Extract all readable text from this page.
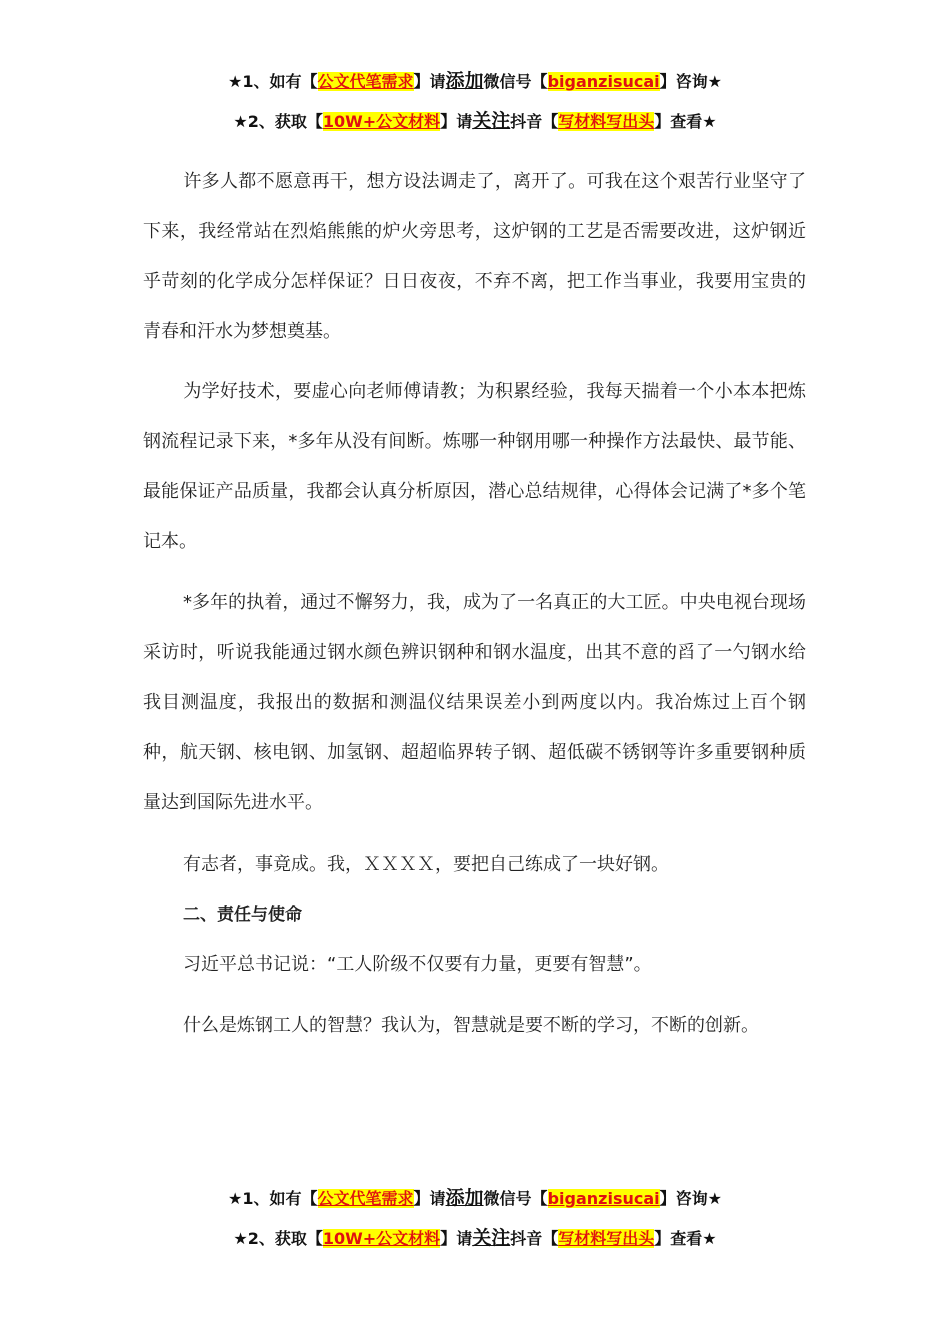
★1、如有【公文代笔需求】请添加微信号【biganzisucai】咨询★
★2、获取【10W+公文材料】请关注抖音【写材料写出头】查看★
许多人都不愿意再干，想方设法调走了，离开了。可我在这个艰苦行业坚守了下来，我经常站在烈焰熊熊的炉火旁思考，这炉钢的工艺是否需要改进，这炉钢近乎苛刻的化学成分怎样保证？日日夜夜，不弃不离，把工作当事业，我要用宝贵的青春和汗水为梦想奠基。
为学好技术，要虚心向老师傅请教；为积累经验，我每天揣着一个小本本把炼钢流程记录下来，*多年从没有间断。炼哪一种钢用哪一种操作方法最快、最节能、最能保证产品质量，我都会认真分析原因，潜心总结规律，心得体会记满了*多个笔记本。
*多年的执着，通过不懈努力，我，成为了一名真正的大工匠。中央电视台现场采访时，听说我能通过钢水颜色辨识钢种和钢水温度，出其不意的舀了一勺钢水给我目测温度，我报出的数据和测温仪结果误差小到两度以内。我冶炼过上百个钢种，航天钢、核电钢、加氢钢、超超临界转子钢、超低碳不锈钢等许多重要钢种质量达到国际先进水平。
有志者，事竟成。我，ＸＸＸＸ，要把自己练成了一块好钢。
二、责任与使命
习近平总书记说：“工人阶级不仅要有力量，更要有智慧”。
什么是炼钢工人的智慧？我认为，智慧就是要不断的学习，不断的创新。
★1、如有【公文代笔需求】请添加微信号【biganzisucai】咨询★
★2、获取【10W+公文材料】请关注抖音【写材料写出头】查看★
